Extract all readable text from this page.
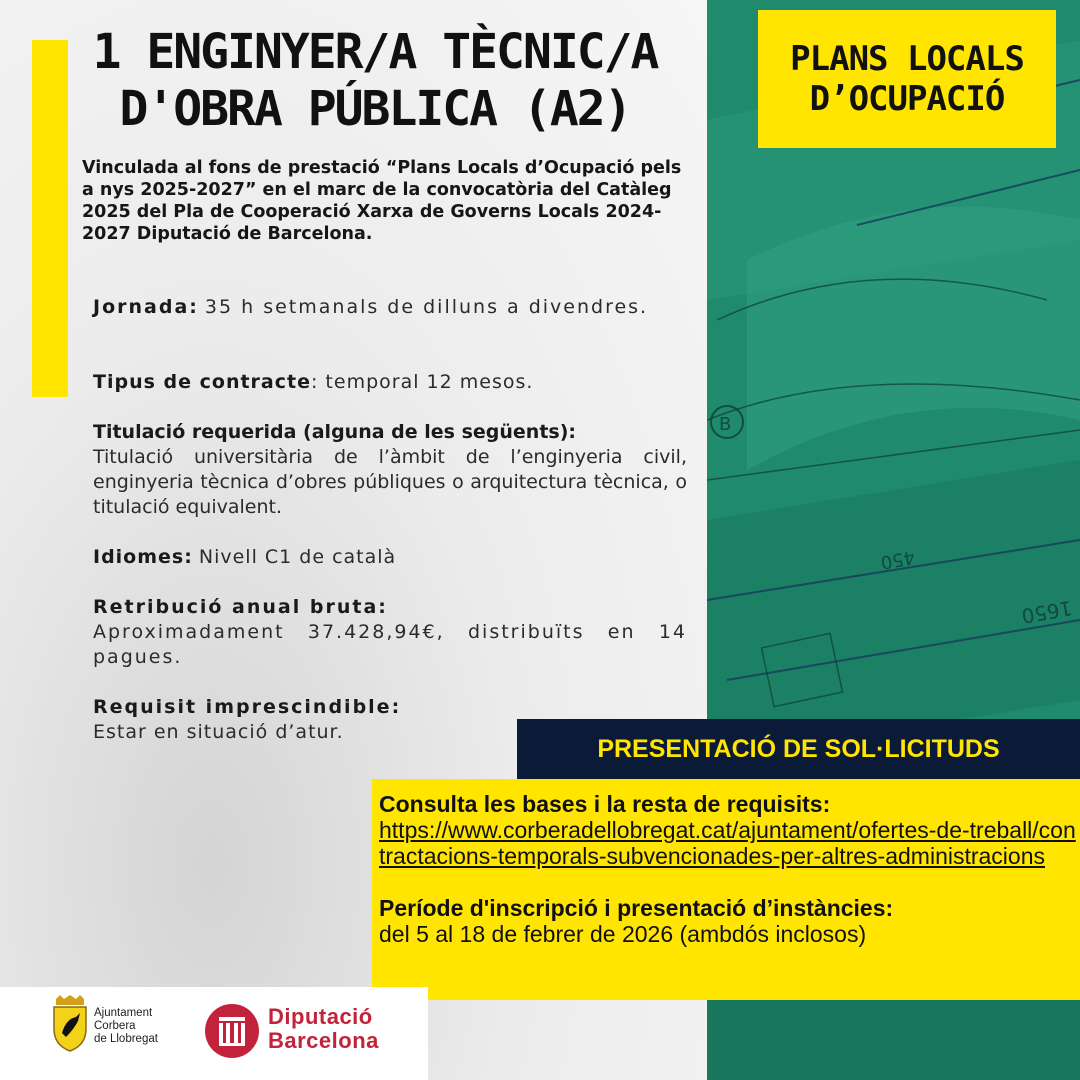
B
450
1650
1 ENGINYER/A TÈCNIC/A
D'OBRA PÚBLICA (A2)

Vinculada al fons de prestació “Plans Locals d’Ocupació pels a nys 2025-2027” en el marc de la convocatòria del Catàleg 2025 del Pla de Cooperació Xarxa de Governs Locals 2024-2027 Diputació de Barcelona.

Jornada: 35 h setmanals de dilluns a divendres.
Tipus de contracte: temporal 12 mesos.
Titulació requerida (alguna de les següents):
Titulació universitària de l’àmbit de l’enginyeria civil, enginyeria tècnica d’obres públiques o arquitectura tècnica, o titulació equivalent.
Idiomes: Nivell C1 de català
Retribució anual bruta:
Aproximadament 37.428,94€, distribuïts en 14 pagues.
Requisit imprescindible:
Estar en situació d’atur.
PLANS LOCALS
D’OCUPACIÓ
PRESENTACIÓ DE SOL·LICITUDS
Consulta les bases i la resta de requisits:
https://www.corberadellobregat.cat/ajuntament/ofertes-de-treball/contractacions-temporals-subvencionades-per-altres-administracions
Període d'inscripció i presentació d’instàncies:
del 5 al 18 de febrer de 2026 (ambdós inclosos)
Ajuntament
Corbera
de Llobregat
Diputació
Barcelona
